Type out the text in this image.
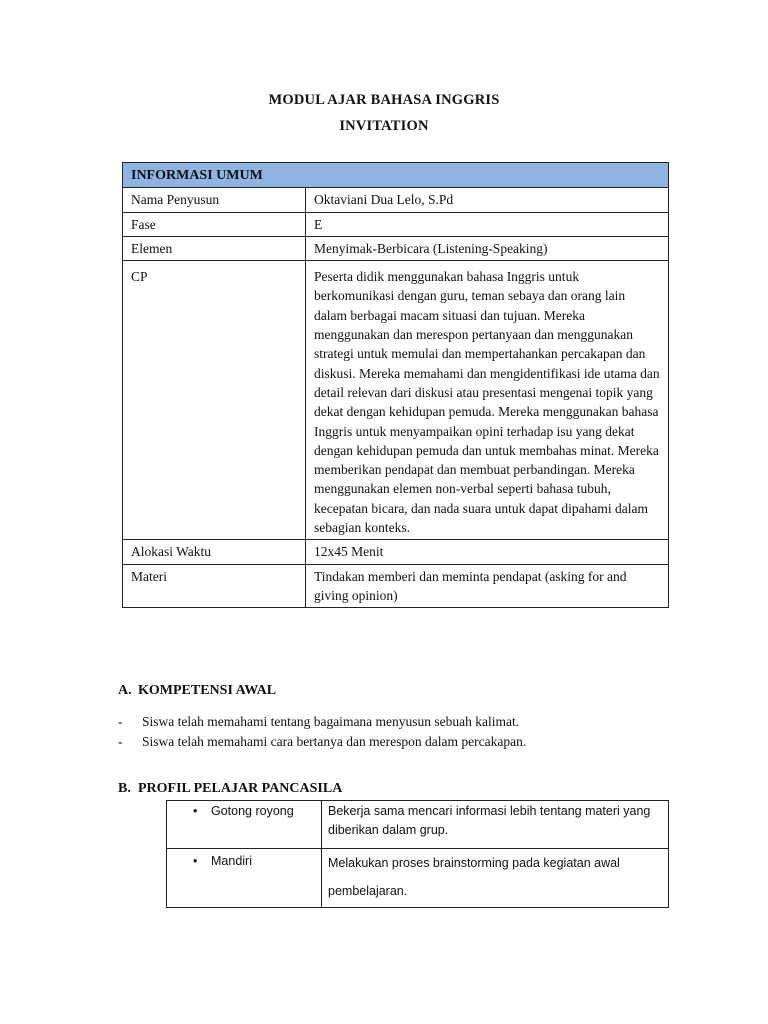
MODUL AJAR BAHASA INGGRIS
INVITATION
INFORMASI UMUM	
Nama Penyusun	Oktaviani Dua Lelo, S.Pd
Fase	E
Elemen	Menyimak-Berbicara (Listening-Speaking)
CP	Peserta didik menggunakan bahasa Inggris untuk berkomunikasi dengan guru, teman sebaya dan orang lain dalam berbagai macam situasi dan tujuan. Mereka menggunakan dan merespon pertanyaan dan menggunakan strategi untuk memulai dan mempertahankan percakapan dan diskusi. Mereka memahami dan mengidentifikasi ide utama dan detail relevan dari diskusi atau presentasi mengenai topik yang dekat dengan kehidupan pemuda. Mereka menggunakan bahasa Inggris untuk menyampaikan opini terhadap isu yang dekat dengan kehidupan pemuda dan untuk membahas minat. Mereka memberikan pendapat dan membuat perbandingan. Mereka menggunakan elemen non-verbal seperti bahasa tubuh, kecepatan bicara, dan nada suara untuk dapat dipahami dalam sebagian konteks.
Alokasi Waktu	12x45 Menit
Materi	Tindakan memberi dan meminta pendapat (asking for and giving opinion)
A. KOMPETENSI AWAL
- Siswa telah memahami tentang bagaimana menyusun sebuah kalimat.
- Siswa telah memahami cara bertanya dan merespon dalam percakapan.
B. PROFIL PELAJAR PANCASILA
• Gotong royong	Bekerja sama mencari informasi lebih tentang materi yang diberikan dalam grup.
• Mandiri	Melakukan proses brainstorming pada kegiatan awal pembelajaran.
